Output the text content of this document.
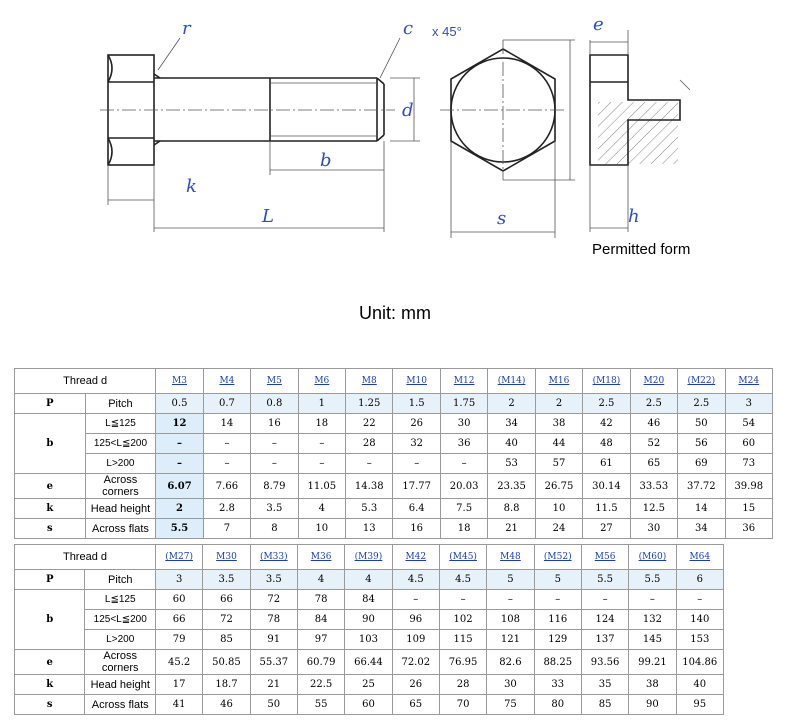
r	c
d
b
k
L
e
s	h
x 45°
Permitted form
Unit: mm
Thread d		M3	M4	M5	M6	M8	M10	M12	(M14)	M16	(M18)	M20	(M22)	M24
P	Pitch	0.5	0.7	0.8	1	1.25	1.5	1.75	2	2	2.5	2.5	2.5	3
b	L≦125	12	14	16	18	22	26	30	34	38	42	46	50	54
	125<L≦200	–	–	–	–	28	32	36	40	44	48	52	56	60
	L>200	–	–	–	–	–	–	–	53	57	61	65	69	73
e	Across corners	6.07	7.66	8.79	11.05	14.38	17.77	20.03	23.35	26.75	30.14	33.53	37.72	39.98
k	Head height	2	2.8	3.5	4	5.3	6.4	7.5	8.8	10	11.5	12.5	14	15
s	Across flats	5.5	7	8	10	13	16	18	21	24	27	30	34	36
Thread d		(M27)	M30	(M33)	M36	(M39)	M42	(M45)	M48	(M52)	M56	(M60)	M64
P	Pitch	3	3.5	3.5	4	4	4.5	4.5	5	5	5.5	5.5	6
b	L≦125	60	66	72	78	84	–	–	–	–	–	–	–
	125<L≦200	66	72	78	84	90	96	102	108	116	124	132	140
	L>200	79	85	91	97	103	109	115	121	129	137	145	153
e	Across corners	45.2	50.85	55.37	60.79	66.44	72.02	76.95	82.6	88.25	93.56	99.21	104.86
k	Head height	17	18.7	21	22.5	25	26	28	30	33	35	38	40
s	Across flats	41	46	50	55	60	65	70	75	80	85	90	95
